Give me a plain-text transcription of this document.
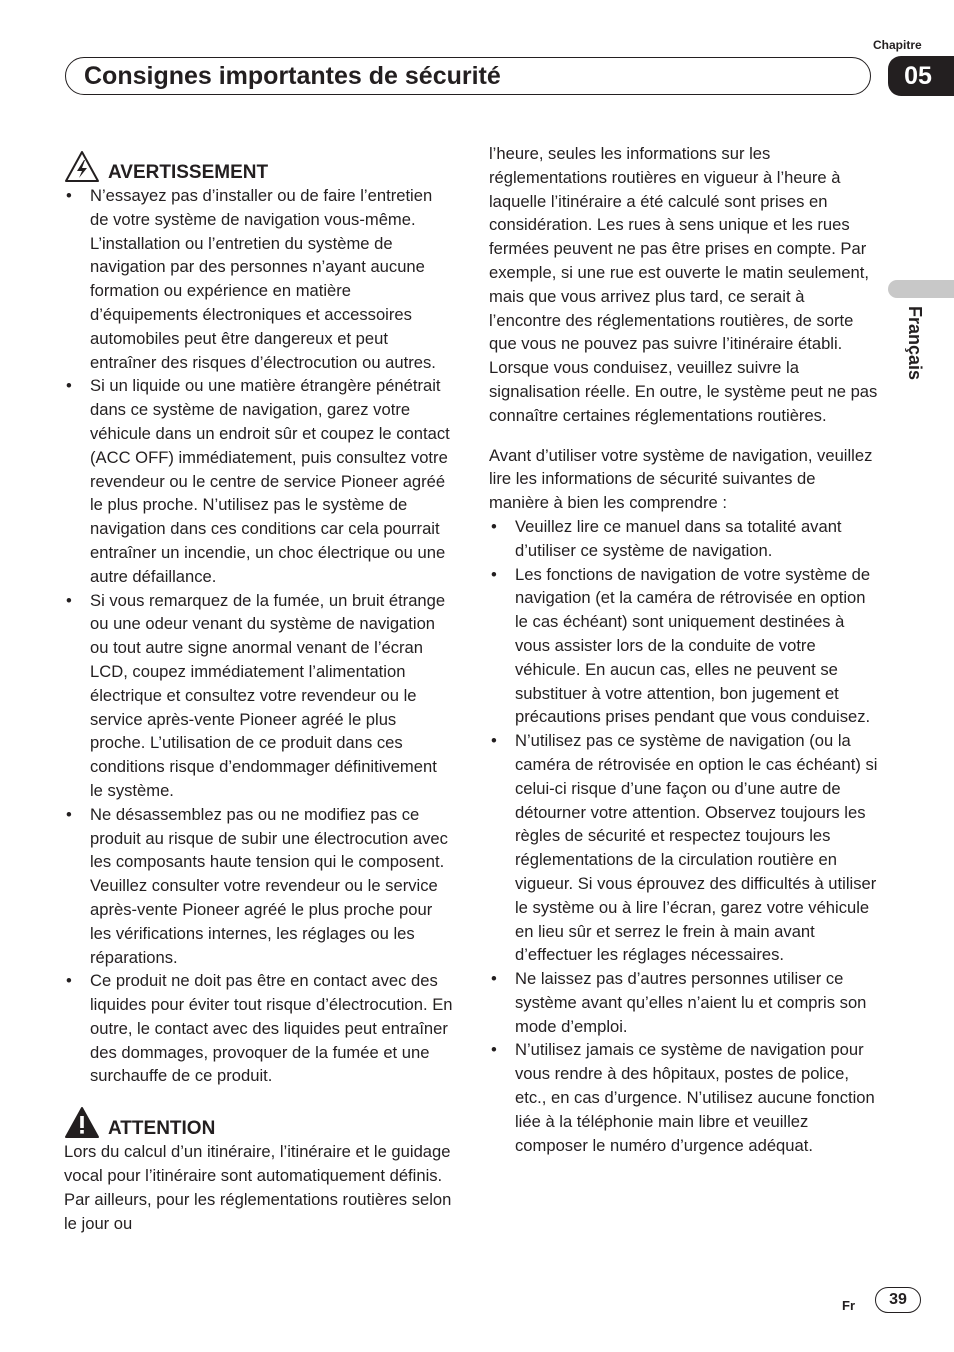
Consignes importantes de sécurité
Chapitre
05
Français
AVERTISSEMENT
• N’essayez pas d’installer ou de faire l’entretien de votre système de navigation vous-même. L’installation ou l’entretien du système de navigation par des personnes n’ayant aucune formation ou expérience en matière d’équipements électroniques et accessoires automobiles peut être dangereux et peut entraîner des risques d’électrocution ou autres.
• Si un liquide ou une matière étrangère pénétrait dans ce système de navigation, garez votre véhicule dans un endroit sûr et coupez le contact (ACC OFF) immédiatement, puis consultez votre revendeur ou le centre de service Pioneer agréé le plus proche. N’utilisez pas le système de navigation dans ces conditions car cela pourrait entraîner un incendie, un choc électrique ou une autre défaillance.
• Si vous remarquez de la fumée, un bruit étrange ou une odeur venant du système de navigation ou tout autre signe anormal venant de l’écran LCD, coupez immédiatement l’alimentation électrique et consultez votre revendeur ou le service après-vente Pioneer agréé le plus proche. L’utilisation de ce produit dans ces conditions risque d’endommager définitivement le système.
• Ne désassemblez pas ou ne modifiez pas ce produit au risque de subir une électrocution avec les composants haute tension qui le composent. Veuillez consulter votre revendeur ou le service après-vente Pioneer agréé le plus proche pour les vérifications internes, les réglages ou les réparations.
• Ce produit ne doit pas être en contact avec des liquides pour éviter tout risque d’électrocution. En outre, le contact avec des liquides peut entraîner des dommages, provoquer de la fumée et une surchauffe de ce produit.
ATTENTION

Lors du calcul d’un itinéraire, l’itinéraire et le guidage vocal pour l’itinéraire sont automatiquement définis. Par ailleurs, pour les réglementations routières selon le jour ou

l’heure, seules les informations sur les réglementations routières en vigueur à l’heure à laquelle l’itinéraire a été calculé sont prises en considération. Les rues à sens unique et les rues fermées peuvent ne pas être prises en compte. Par exemple, si une rue est ouverte le matin seulement, mais que vous arrivez plus tard, ce serait à l’encontre des réglementations routières, de sorte que vous ne pouvez pas suivre l’itinéraire établi. Lorsque vous conduisez, veuillez suivre la signalisation réelle. En outre, le système peut ne pas connaître certaines réglementations routières.

Avant d’utiliser votre système de navigation, veuillez lire les informations de sécurité suivantes de manière à bien les comprendre :

• Veuillez lire ce manuel dans sa totalité avant d’utiliser ce système de navigation.
• Les fonctions de navigation de votre système de navigation (et la caméra de rétrovisée en option le cas échéant) sont uniquement destinées à vous assister lors de la conduite de votre véhicule. En aucun cas, elles ne peuvent se substituer à votre attention, bon jugement et précautions prises pendant que vous conduisez.
• N’utilisez pas ce système de navigation (ou la caméra de rétrovisée en option le cas échéant) si celui-ci risque d’une façon ou d’une autre de détourner votre attention. Observez toujours les règles de sécurité et respectez toujours les réglementations de la circulation routière en vigueur. Si vous éprouvez des difficultés à utiliser le système ou à lire l’écran, garez votre véhicule en lieu sûr et serrez le frein à main avant d’effectuer les réglages nécessaires.
• Ne laissez pas d’autres personnes utiliser ce système avant qu’elles n’aient lu et compris son mode d’emploi.
• N’utilisez jamais ce système de navigation pour vous rendre à des hôpitaux, postes de police, etc., en cas d’urgence. N’utilisez aucune fonction liée à la téléphonie main libre et veuillez composer le numéro d’urgence adéquat.
Fr	39
